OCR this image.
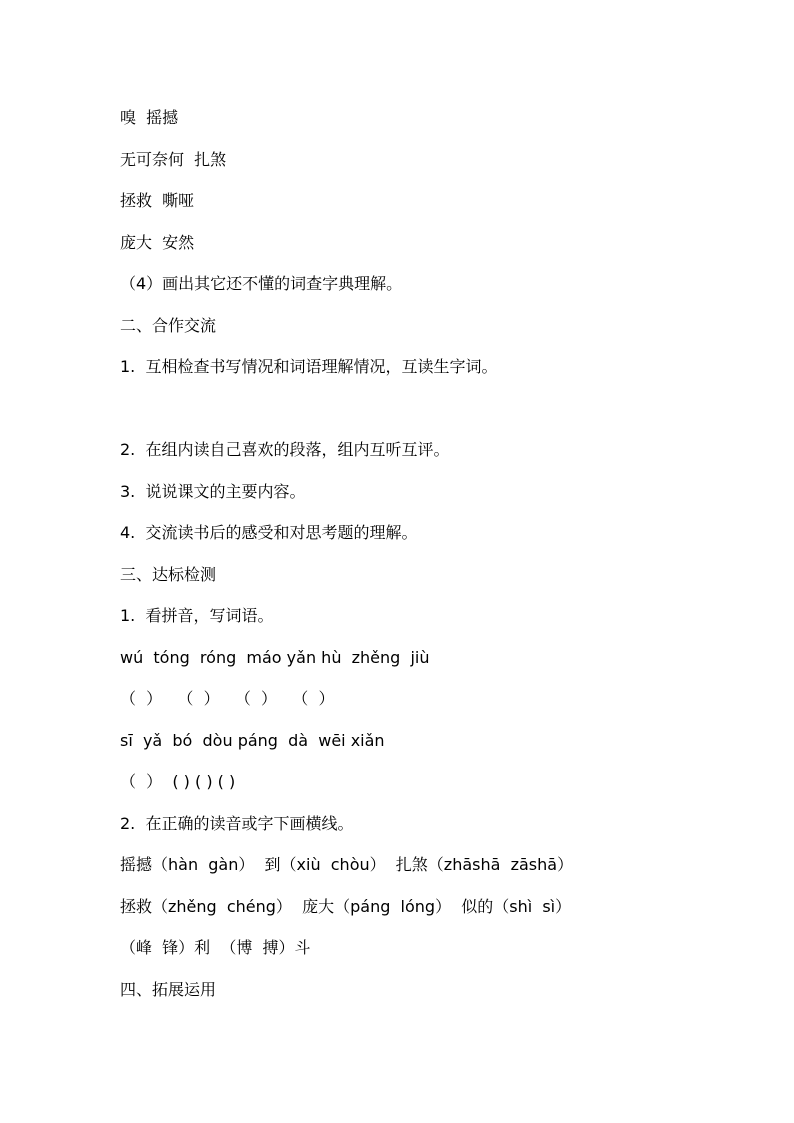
嗅  摇撼
无可奈何  扎煞
拯救  嘶哑
庞大  安然
（4）画出其它还不懂的词查字典理解。
二、合作交流
1.  互相检查书写情况和词语理解情况，互读生字词。
2.  在组内读自己喜欢的段落，组内互听互评。
3.  说说课文的主要内容。
4.  交流读书后的感受和对思考题的理解。
三、达标检测
1.  看拼音，写词语。
wú  tóng  róng  máo yǎn hù  zhěng  jiù
（  ）   （  ）   （  ）   （  ）
sī  yǎ  bó  dòu páng  dà  wēi xiǎn
（  ）  ( ) ( ) ( )
2.  在正确的读音或字下画横线。
摇撼（hàn  gàn）  到（xiù  chòu）  扎煞（zhāshā  zāshā）
拯救（zhěng  chéng）  庞大（páng  lóng）  似的（shì  sì）
（峰  锋）利  （博  搏）斗
四、拓展运用
